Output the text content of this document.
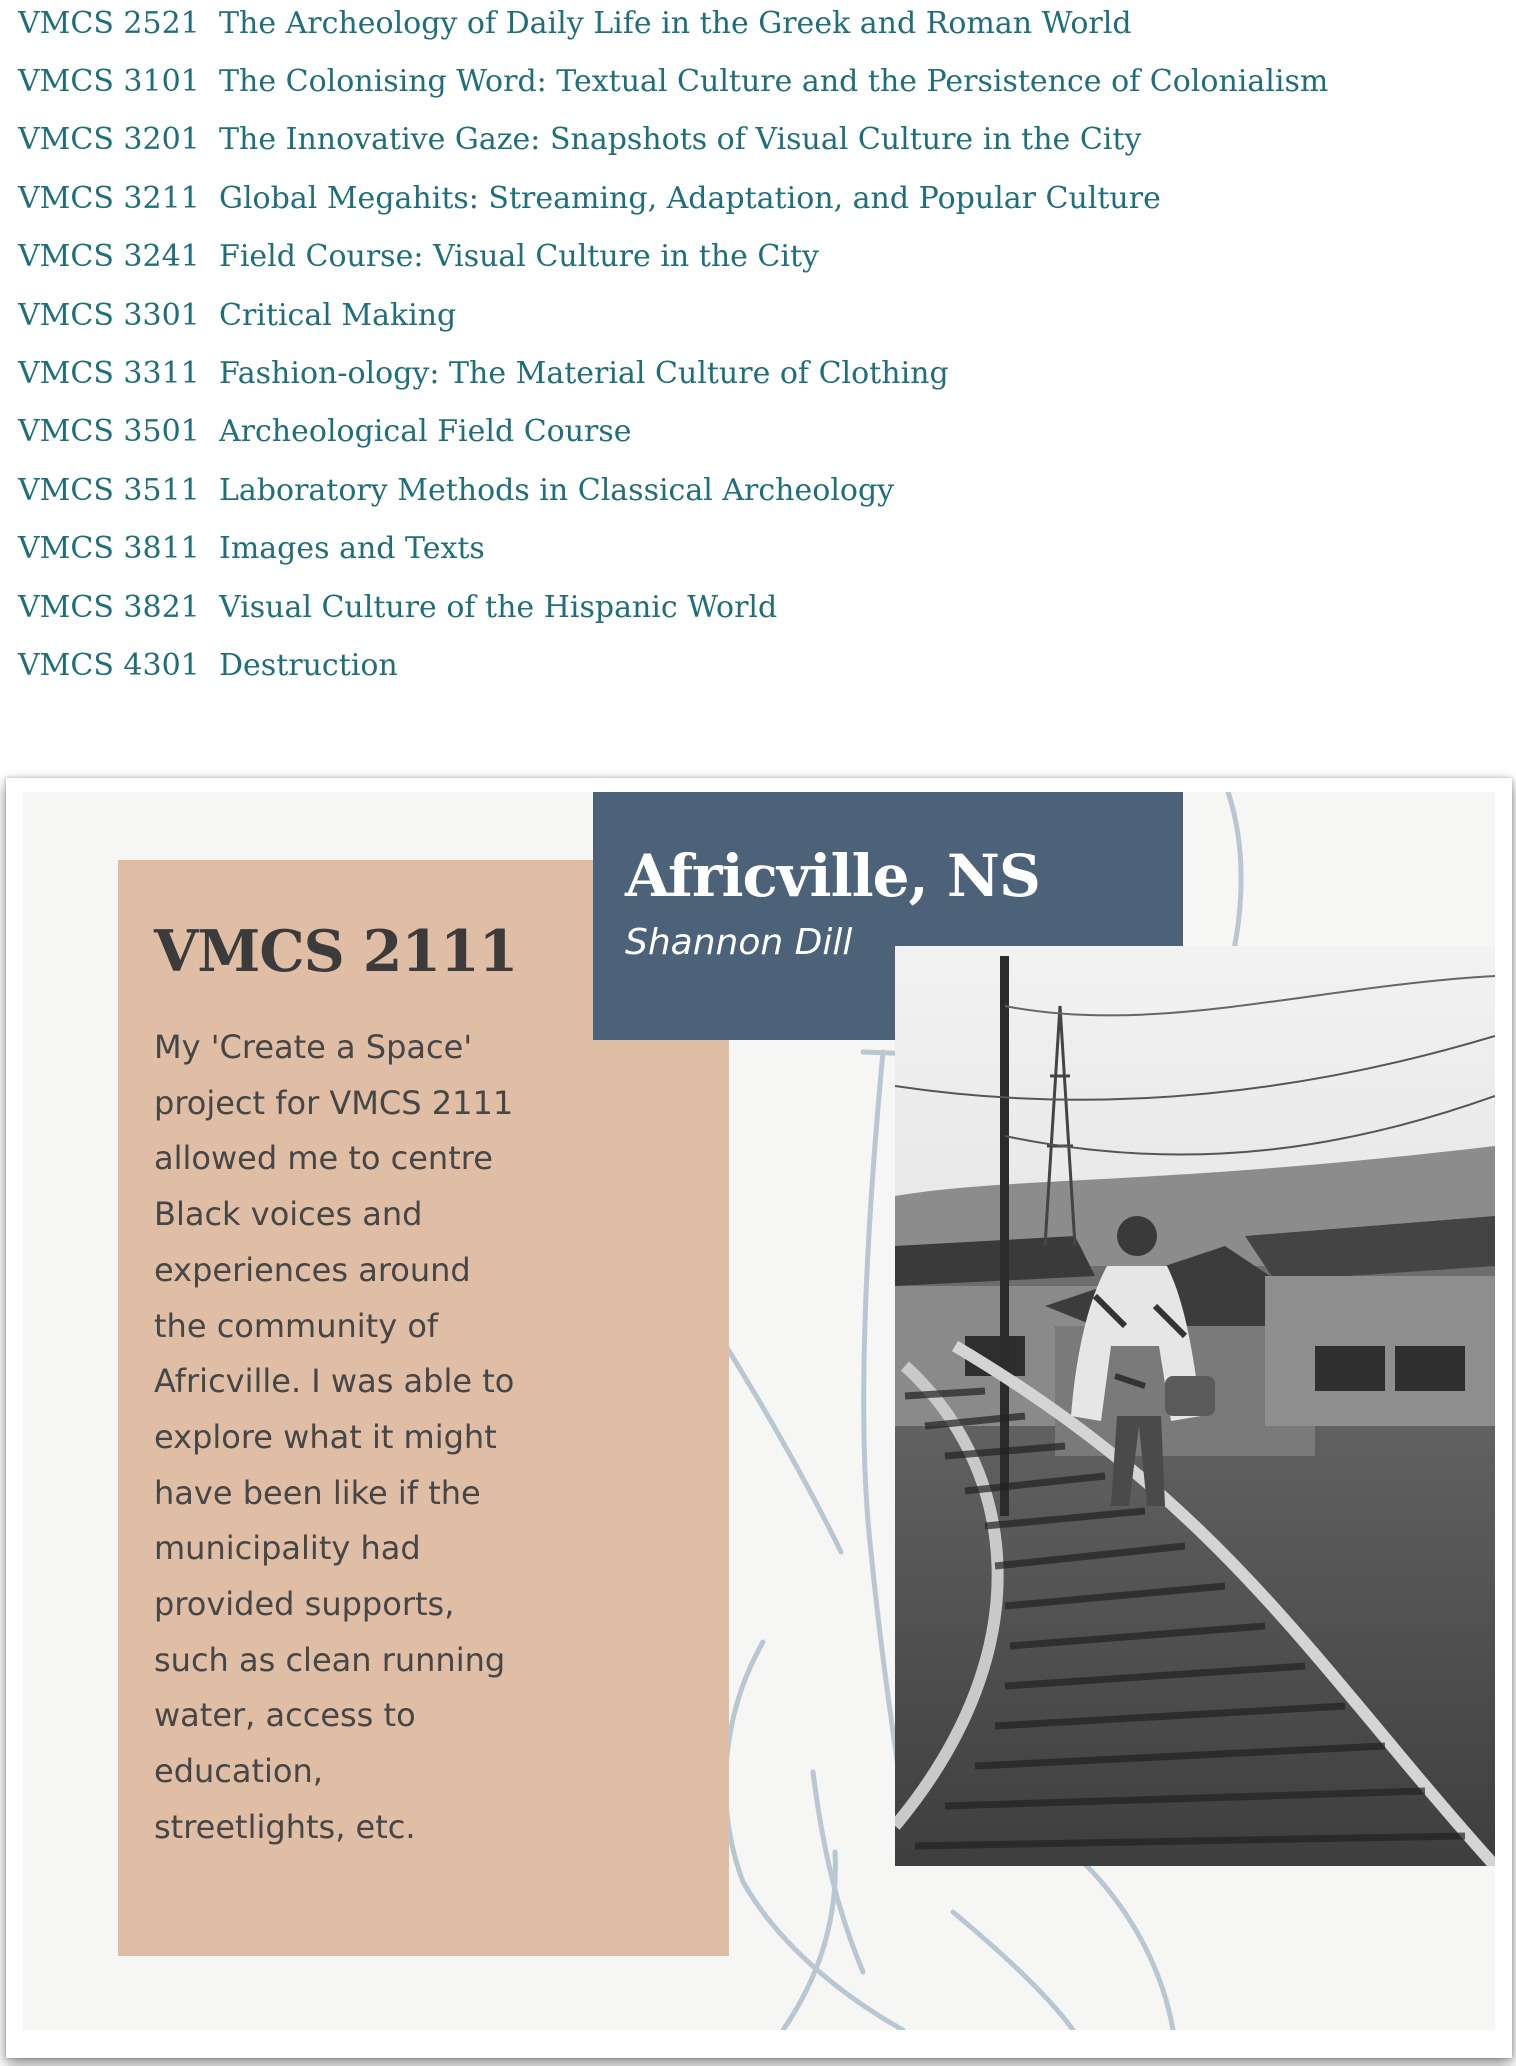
VMCS 2521 The Archeology of Daily Life in the Greek and Roman World
VMCS 3101 The Colonising Word: Textual Culture and the Persistence of Colonialism
VMCS 3201 The Innovative Gaze: Snapshots of Visual Culture in the City
VMCS 3211 Global Megahits: Streaming, Adaptation, and Popular Culture
VMCS 3241 Field Course: Visual Culture in the City
VMCS 3301 Critical Making
VMCS 3311 Fashion-ology: The Material Culture of Clothing
VMCS 3501 Archeological Field Course
VMCS 3511 Laboratory Methods in Classical Archeology
VMCS 3811 Images and Texts
VMCS 3821 Visual Culture of the Hispanic World
VMCS 4301 Destruction
VMCS 2111

My 'Create a Space' project for VMCS 2111 allowed me to centre Black voices and experiences around the community of Africville. I was able to explore what it might have been like if the municipality had provided supports, such as clean running water, access to education, streetlights, etc.

Africville, NS
Shannon Dill
